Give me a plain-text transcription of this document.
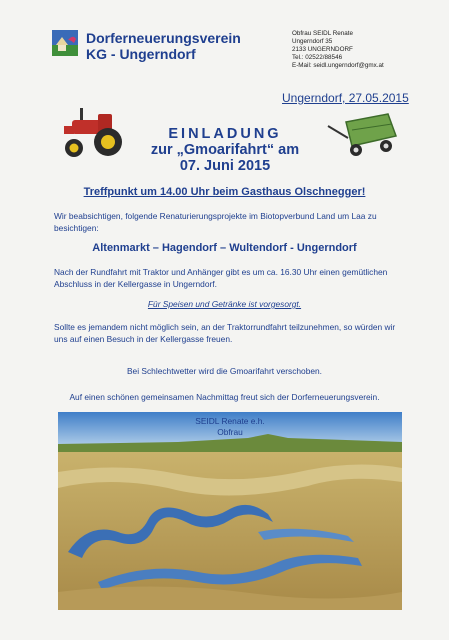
Dorferneuerungsverein
KG - Ungerndorf
Obfrau SEIDL Renate
Ungerndorf 35
2133 UNGERNDORF
Tel.: 02522/88546
E-Mail: seidl.ungerndorf@gmx.at
Ungerndorf, 27.05.2015
EINLADUNG
zur „Gmoarifahrt“ am
07. Juni 2015
Treffpunkt um 14.00 Uhr beim Gasthaus Olschnegger!
Wir beabsichtigen, folgende Renaturierungsprojekte im Biotopverbund Land um Laa zu besichtigen:
Altenmarkt – Hagendorf – Wultendorf - Ungerndorf
Nach der Rundfahrt mit Traktor und Anhänger gibt es um ca. 16.30 Uhr einen gemütlichen Abschluss in der Kellergasse in Ungerndorf.
Für Speisen und Getränke ist vorgesorgt.
Sollte es jemandem nicht möglich sein, an der Traktorrundfahrt teilzunehmen, so würden wir uns auf einen Besuch in der Kellergasse freuen.
Bei Schlechtwetter wird die Gmoarifahrt verschoben.
Auf einen schönen gemeinsamen Nachmittag freut sich der Dorferneuerungsverein.
SEIDL Renate e.h.
Obfrau
